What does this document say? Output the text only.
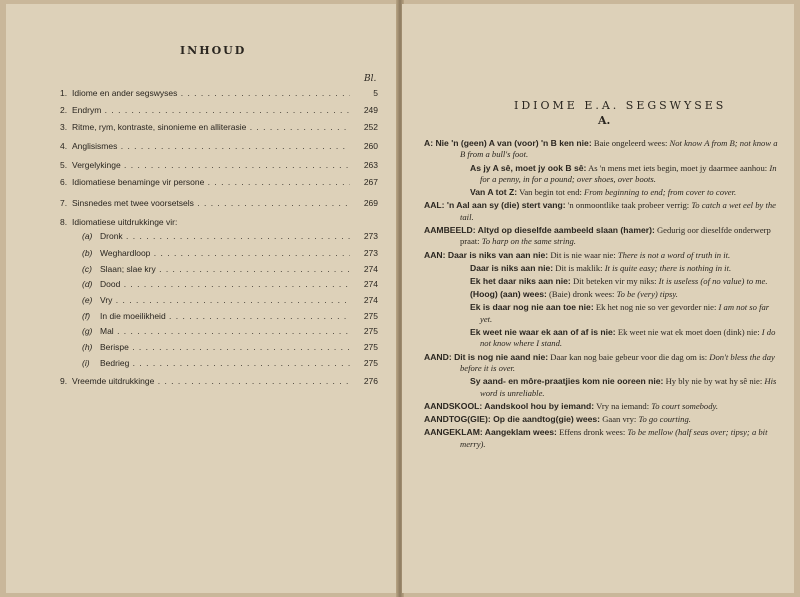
INHOUD
Bl.
1. Idiome en ander segswyses . . .	5
2. Endrym . . .	249
3. Ritme, rym, kontraste, sinonieme en alliterasie . . .	252
4. Anglisismes . . .	260
5. Vergelykinge . . .	263
6. Idiomatiese benaminge vir persone . . .	267
7. Sinsnedes met twee voorsetsels . . .	269
8. Idiomatiese uitdrukkinge vir:
(a) Dronk . . .	273
(b) Weghardloop . . .	273
(c) Slaan; slae kry . . .	274
(d) Dood . . .	274
(e) Vry . . .	274
(f) In die moeilikheid . . .	275
(g) Mal . . .	275
(h) Berispe . . .	275
(i) Bedrieg . . .	275
9. Vreemde uitdrukkinge . . .	276
IDIOME E.A. SEGSWYSES
A.
A: Nie 'n (geen) A van (voor) 'n B ken nie: Baie ongeleerd wees: Not know A from B; not know a B from a bull's foot.
As jy A sê, moet jy ook B sê: As 'n mens met iets begin, moet jy daarmee aanhou: In for a penny, in for a pound; over shoes, over boots.
Van A tot Z: Van begin tot end: From beginning to end; from cover to cover.
AAL: 'n Aal aan sy (die) stert vang: 'n onmoontlike taak probeer verrig: To catch a wet eel by the tail.
AAMBEELD: Altyd op dieselfde aambeeld slaan (hamer): Gedurig oor dieselfde onderwerp praat: To harp on the same string.
AAN: Daar is niks van aan nie: Dit is nie waar nie: There is not a word of truth in it.
Daar is niks aan nie: Dit is maklik: It is quite easy; there is nothing in it.
Ek het daar niks aan nie: Dit beteken vir my niks: It is useless (of no value) to me.
(Hoog) (aan) wees: (Baie) dronk wees: To be (very) tipsy.
Ek is daar nog nie aan toe nie: Ek het nog nie so ver gevorder nie: I am not so far yet.
Ek weet nie waar ek aan of af is nie: Ek weet nie wat ek moet doen (dink) nie: I do not know where I stand.
AAND: Dit is nog nie aand nie: Daar kan nog baie gebeur voor die dag om is: Don't bless the day before it is over.
Sy aand- en môre-praatjies kom nie ooreen nie: Hy bly nie by wat hy sê nie: His word is unreliable.
AANDSKOOL: Aandskool hou by iemand: Vry na iemand: To court somebody.
AANDTOG(GIE): Op die aandtog(gie) wees: Gaan vry: To go courting.
AANGEKLAM: Aangeklam wees: Effens dronk wees: To be mellow (half seas over; tipsy; a bit merry).
